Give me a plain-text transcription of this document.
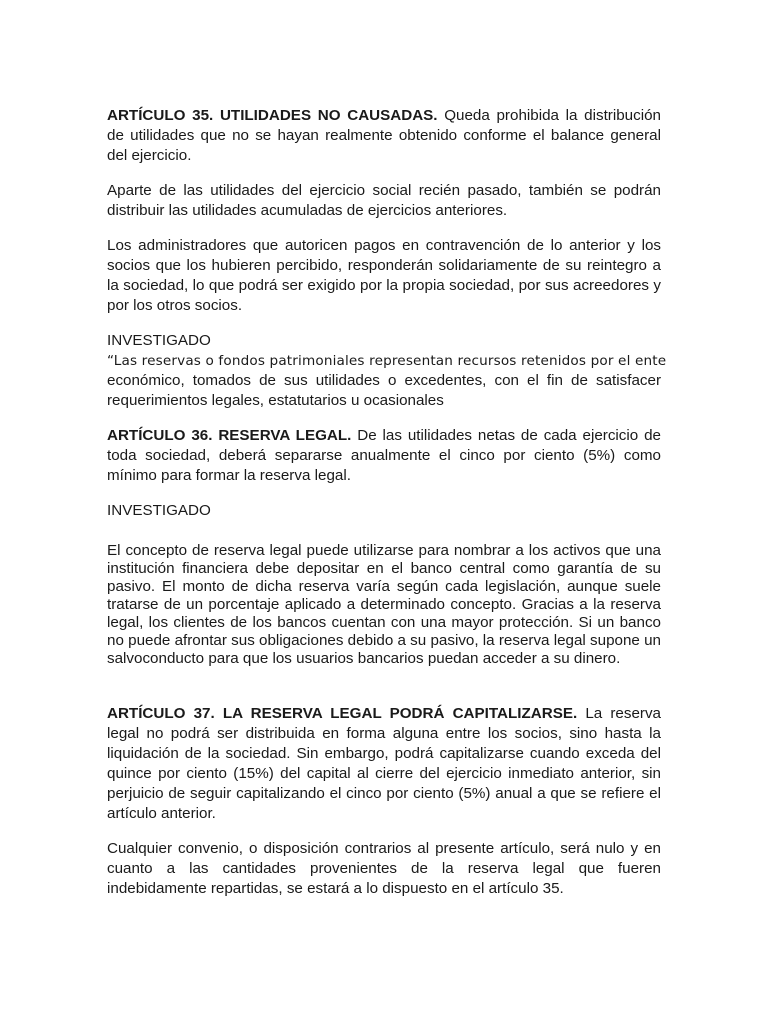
ARTÍCULO 35. UTILIDADES NO CAUSADAS. Queda prohibida la distribución de utilidades que no se hayan realmente obtenido conforme el balance general del ejercicio.

Aparte de las utilidades del ejercicio social recién pasado, también se podrán distribuir las utilidades acumuladas de ejercicios anteriores.

Los administradores que autoricen pagos en contravención de lo anterior y los socios que los hubieren percibido, responderán solidariamente de su reintegro a la sociedad, lo que podrá ser exigido por la propia sociedad, por sus acreedores y por los otros socios.

INVESTIGADO

“Las reservas o fondos patrimoniales representan recursos retenidos por el ente

económico, tomados de sus utilidades o excedentes, con el fin de satisfacer requerimientos legales, estatutarios u ocasionales

ARTÍCULO 36. RESERVA LEGAL. De las utilidades netas de cada ejercicio de toda sociedad, deberá separarse anualmente el cinco por ciento (5%) como mínimo para formar la reserva legal.

INVESTIGADO

El concepto de reserva legal puede utilizarse para nombrar a los activos que una institución financiera debe depositar en el banco central como garantía de su pasivo. El monto de dicha reserva varía según cada legislación, aunque suele tratarse de un porcentaje aplicado a determinado concepto. Gracias a la reserva legal, los clientes de los bancos cuentan con una mayor protección. Si un banco no puede afrontar sus obligaciones debido a su pasivo, la reserva legal supone un salvoconducto para que los usuarios bancarios puedan acceder a su dinero.

ARTÍCULO 37. LA RESERVA LEGAL PODRÁ CAPITALIZARSE. La reserva legal no podrá ser distribuida en forma alguna entre los socios, sino hasta la liquidación de la sociedad. Sin embargo, podrá capitalizarse cuando exceda del quince por ciento (15%) del capital al cierre del ejercicio inmediato anterior, sin perjuicio de seguir capitalizando el cinco por ciento (5%) anual a que se refiere el artículo anterior.

Cualquier convenio, o disposición contrarios al presente artículo, será nulo y en cuanto a las cantidades provenientes de la reserva legal que fueren indebidamente repartidas, se estará a lo dispuesto en el artículo 35.
